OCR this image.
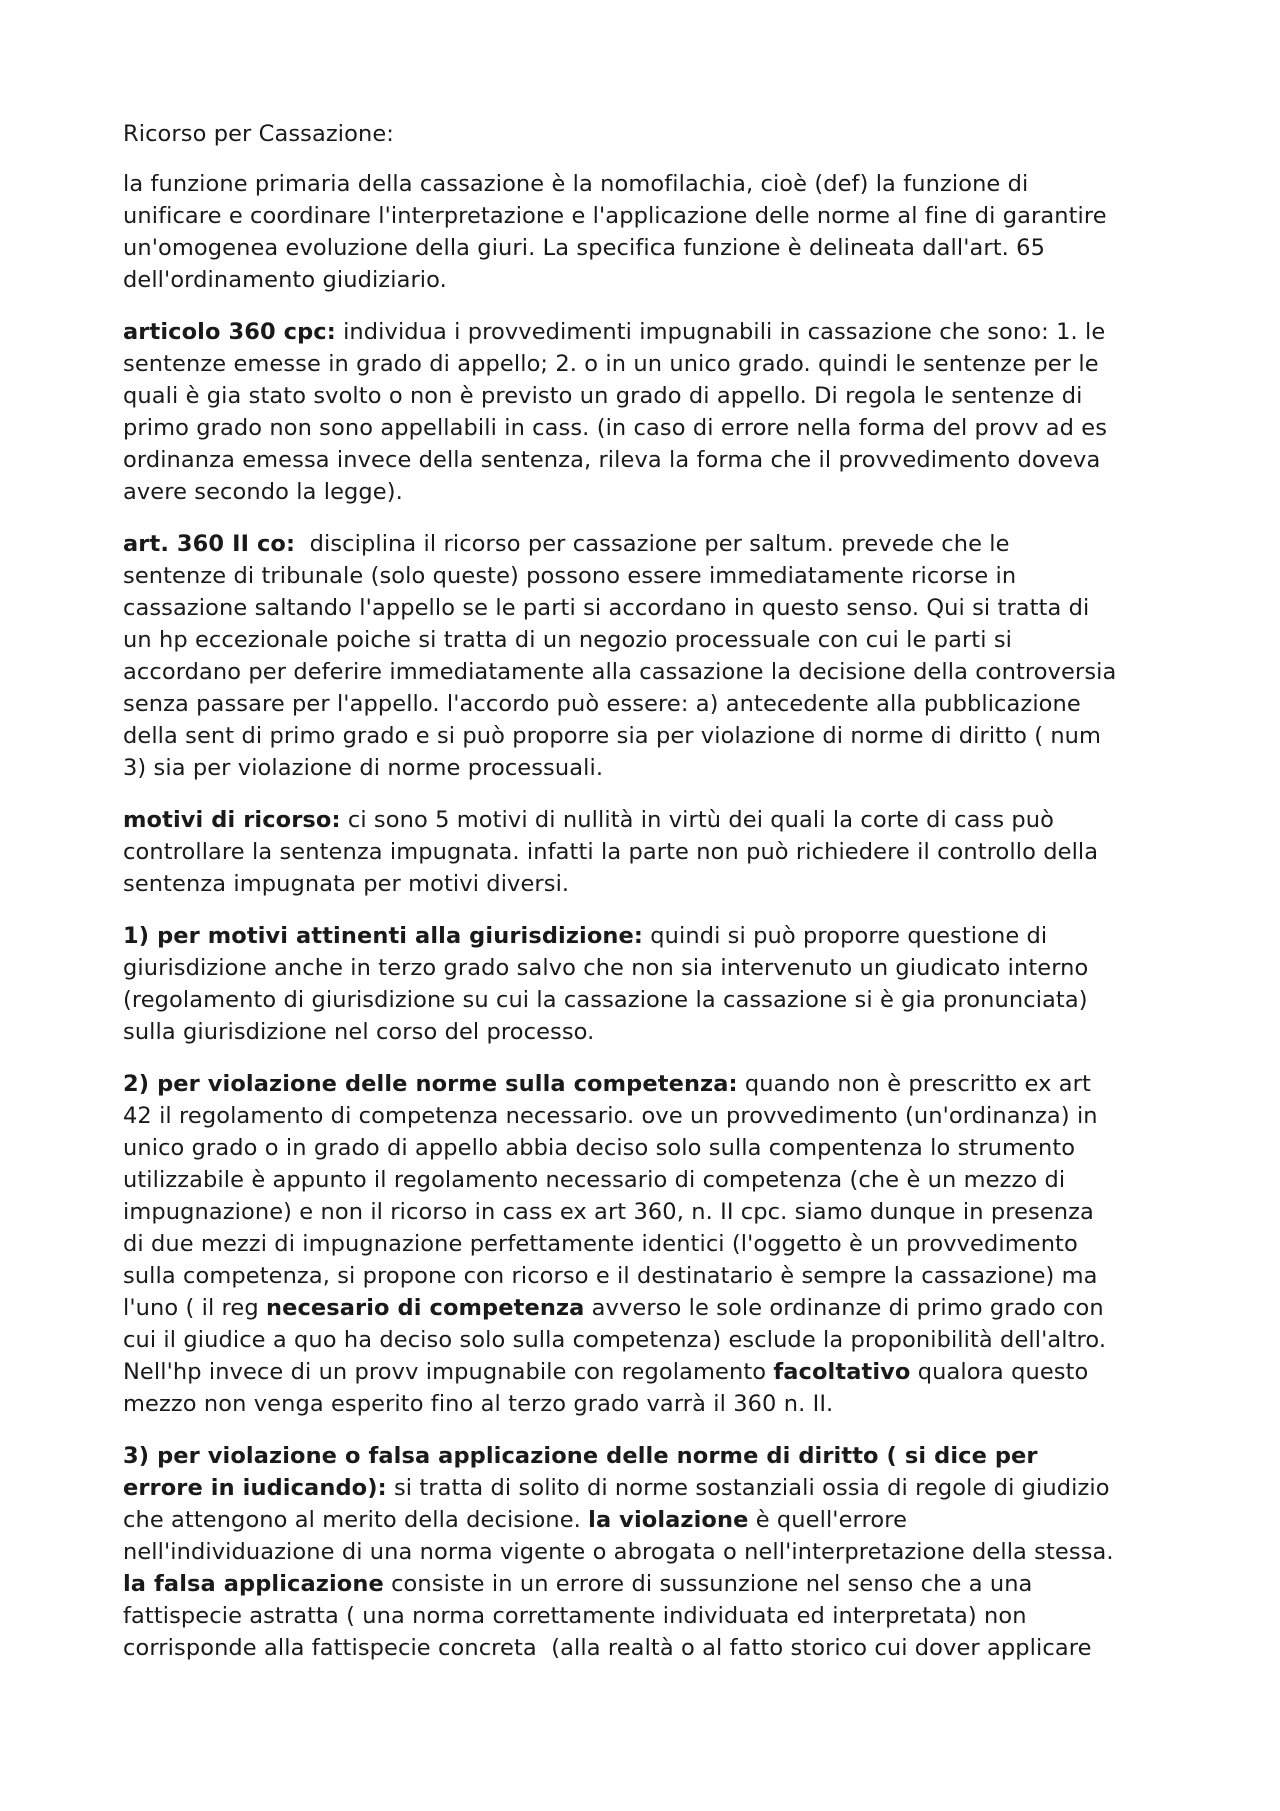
Ricorso per Cassazione:

la funzione primaria della cassazione è la nomofilachia, cioè (def) la funzione di
unificare e coordinare l'interpretazione e l'applicazione delle norme al fine di garantire
un'omogenea evoluzione della giuri. La specifica funzione è delineata dall'art. 65
dell'ordinamento giudiziario.

articolo 360 cpc: individua i provvedimenti impugnabili in cassazione che sono: 1. le
sentenze emesse in grado di appello; 2. o in un unico grado. quindi le sentenze per le
quali è gia stato svolto o non è previsto un grado di appello. Di regola le sentenze di
primo grado non sono appellabili in cass. (in caso di errore nella forma del provv ad es
ordinanza emessa invece della sentenza, rileva la forma che il provvedimento doveva
avere secondo la legge).

art. 360 II co:  disciplina il ricorso per cassazione per saltum. prevede che le
sentenze di tribunale (solo queste) possono essere immediatamente ricorse in
cassazione saltando l'appello se le parti si accordano in questo senso. Qui si tratta di
un hp eccezionale poiche si tratta di un negozio processuale con cui le parti si
accordano per deferire immediatamente alla cassazione la decisione della controversia
senza passare per l'appello. l'accordo può essere: a) antecedente alla pubblicazione
della sent di primo grado e si può proporre sia per violazione di norme di diritto ( num
3) sia per violazione di norme processuali.

motivi di ricorso: ci sono 5 motivi di nullità in virtù dei quali la corte di cass può
controllare la sentenza impugnata. infatti la parte non può richiedere il controllo della
sentenza impugnata per motivi diversi.

1) per motivi attinenti alla giurisdizione: quindi si può proporre questione di
giurisdizione anche in terzo grado salvo che non sia intervenuto un giudicato interno
(regolamento di giurisdizione su cui la cassazione la cassazione si è gia pronunciata)
sulla giurisdizione nel corso del processo.

2) per violazione delle norme sulla competenza: quando non è prescritto ex art
42 il regolamento di competenza necessario. ove un provvedimento (un'ordinanza) in
unico grado o in grado di appello abbia deciso solo sulla compentenza lo strumento
utilizzabile è appunto il regolamento necessario di competenza (che è un mezzo di
impugnazione) e non il ricorso in cass ex art 360, n. II cpc. siamo dunque in presenza
di due mezzi di impugnazione perfettamente identici (l'oggetto è un provvedimento
sulla competenza, si propone con ricorso e il destinatario è sempre la cassazione) ma
l'uno ( il reg necesario di competenza avverso le sole ordinanze di primo grado con
cui il giudice a quo ha deciso solo sulla competenza) esclude la proponibilità dell'altro.
Nell'hp invece di un provv impugnabile con regolamento facoltativo qualora questo
mezzo non venga esperito fino al terzo grado varrà il 360 n. II.

3) per violazione o falsa applicazione delle norme di diritto ( si dice per
errore in iudicando): si tratta di solito di norme sostanziali ossia di regole di giudizio
che attengono al merito della decisione. la violazione è quell'errore
nell'individuazione di una norma vigente o abrogata o nell'interpretazione della stessa.
la falsa applicazione consiste in un errore di sussunzione nel senso che a una
fattispecie astratta ( una norma correttamente individuata ed interpretata) non
corrisponde alla fattispecie concreta  (alla realtà o al fatto storico cui dover applicare
